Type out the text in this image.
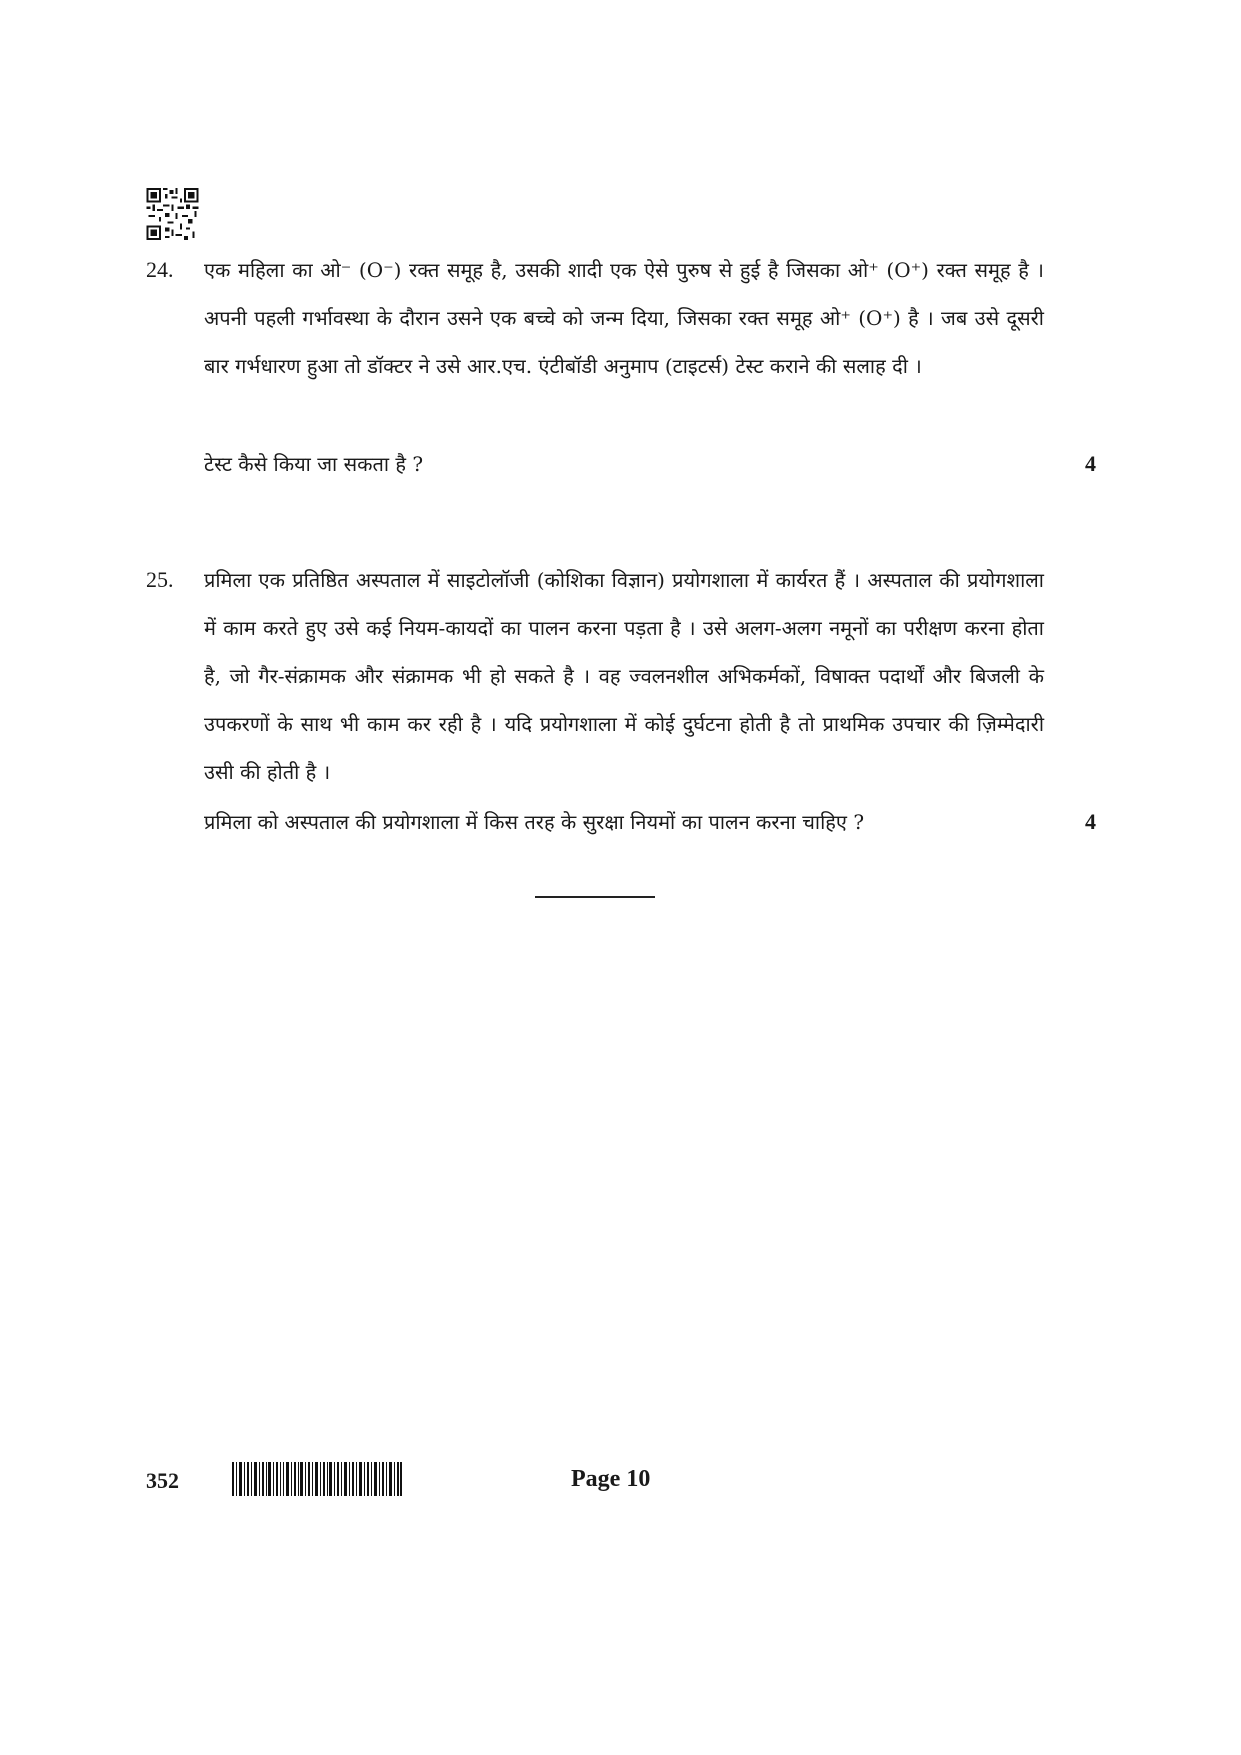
24. एक महिला का ओ⁻ (O⁻) रक्त समूह है, उसकी शादी एक ऐसे पुरुष से हुई है जिसका ओ⁺ (O⁺) रक्त समूह है । अपनी पहली गर्भावस्था के दौरान उसने एक बच्चे को जन्म दिया, जिसका रक्त समूह ओ⁺ (O⁺) है । जब उसे दूसरी बार गर्भधारण हुआ तो डॉक्टर ने उसे आर.एच. एंटीबॉडी अनुमाप (टाइटर्स) टेस्ट कराने की सलाह दी ।
टेस्ट कैसे किया जा सकता है ?	4
25. प्रमिला एक प्रतिष्ठित अस्पताल में साइटोलॉजी (कोशिका विज्ञान) प्रयोगशाला में कार्यरत हैं । अस्पताल की प्रयोगशाला में काम करते हुए उसे कई नियम-कायदों का पालन करना पड़ता है । उसे अलग-अलग नमूनों का परीक्षण करना होता है, जो गैर-संक्रामक और संक्रामक भी हो सकते है । वह ज्वलनशील अभिकर्मकों, विषाक्त पदार्थों और बिजली के उपकरणों के साथ भी काम कर रही है । यदि प्रयोगशाला में कोई दुर्घटना होती है तो प्राथमिक उपचार की ज़िम्मेदारी उसी की होती है ।
प्रमिला को अस्पताल की प्रयोगशाला में किस तरह के सुरक्षा नियमों का पालन करना चाहिए ?	4
352	Page 10
